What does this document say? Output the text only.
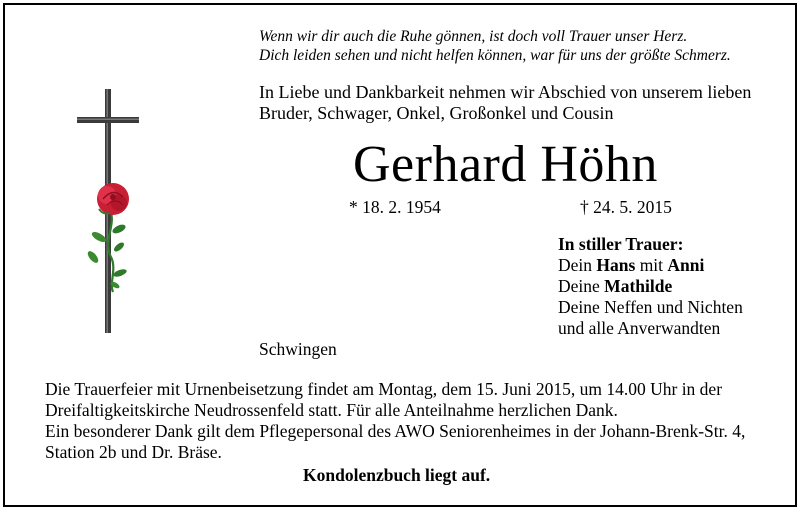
Wenn wir dir auch die Ruhe gönnen, ist doch voll Trauer unser Herz.
Dich leiden sehen und nicht helfen können, war für uns der größte Schmerz.
In Liebe und Dankbarkeit nehmen wir Abschied von unserem lieben
Bruder, Schwager, Onkel, Großonkel und Cousin
Gerhard Höhn
* 18. 2. 1954	† 24. 5. 2015
In stiller Trauer:
Dein Hans mit Anni
Deine Mathilde
Deine Neffen und Nichten
und alle Anverwandten
Schwingen
Die Trauerfeier mit Urnenbeisetzung findet am Montag, dem 15. Juni 2015, um 14.00 Uhr in der
Dreifaltigkeitskirche Neudrossenfeld statt. Für alle Anteilnahme herzlichen Dank.
Ein besonderer Dank gilt dem Pflegepersonal des AWO Seniorenheimes in der Johann-Brenk-Str. 4,
Station 2b und Dr. Bräse.
Kondolenzbuch liegt auf.
